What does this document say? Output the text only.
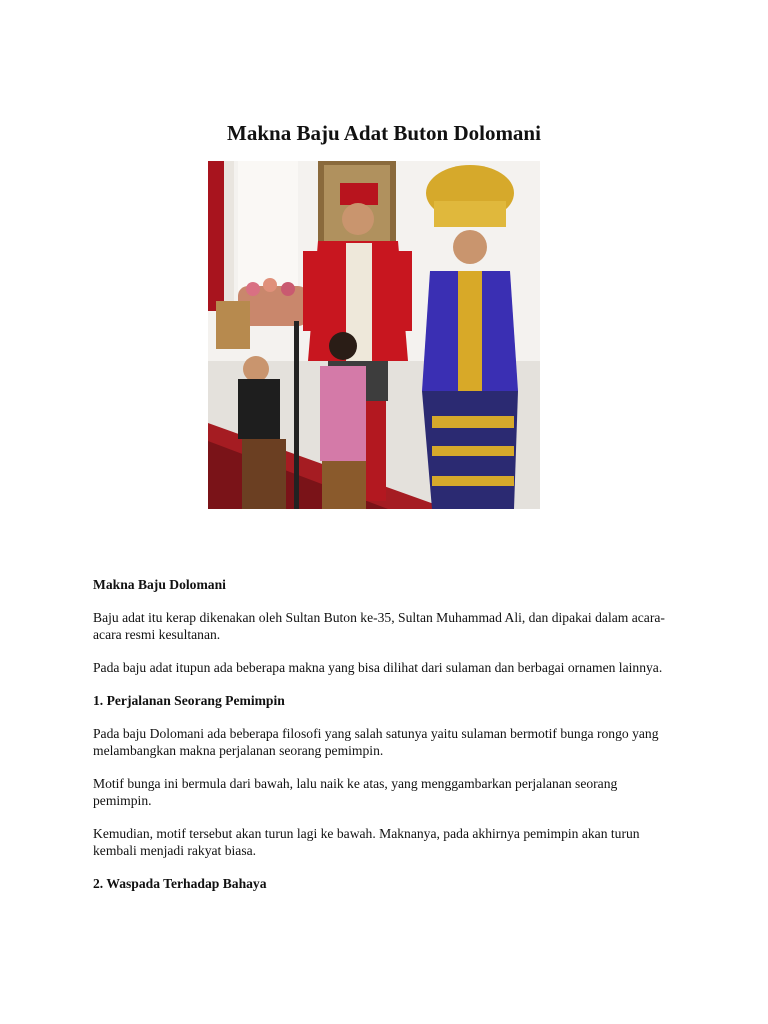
Makna Baju Adat Buton Dolomani
Makna Baju Dolomani

Baju adat itu kerap dikenakan oleh Sultan Buton ke-35, Sultan Muhammad Ali, dan dipakai dalam acara-acara resmi kesultanan.

Pada baju adat itupun ada beberapa makna yang bisa dilihat dari sulaman dan berbagai ornamen lainnya.

1. Perjalanan Seorang Pemimpin

Pada baju Dolomani ada beberapa filosofi yang salah satunya yaitu sulaman bermotif bunga rongo yang melambangkan makna perjalanan seorang pemimpin.

Motif bunga ini bermula dari bawah, lalu naik ke atas, yang menggambarkan perjalanan seorang pemimpin.

Kemudian, motif tersebut akan turun lagi ke bawah. Maknanya, pada akhirnya pemimpin akan turun kembali menjadi rakyat biasa.

2. Waspada Terhadap Bahaya
